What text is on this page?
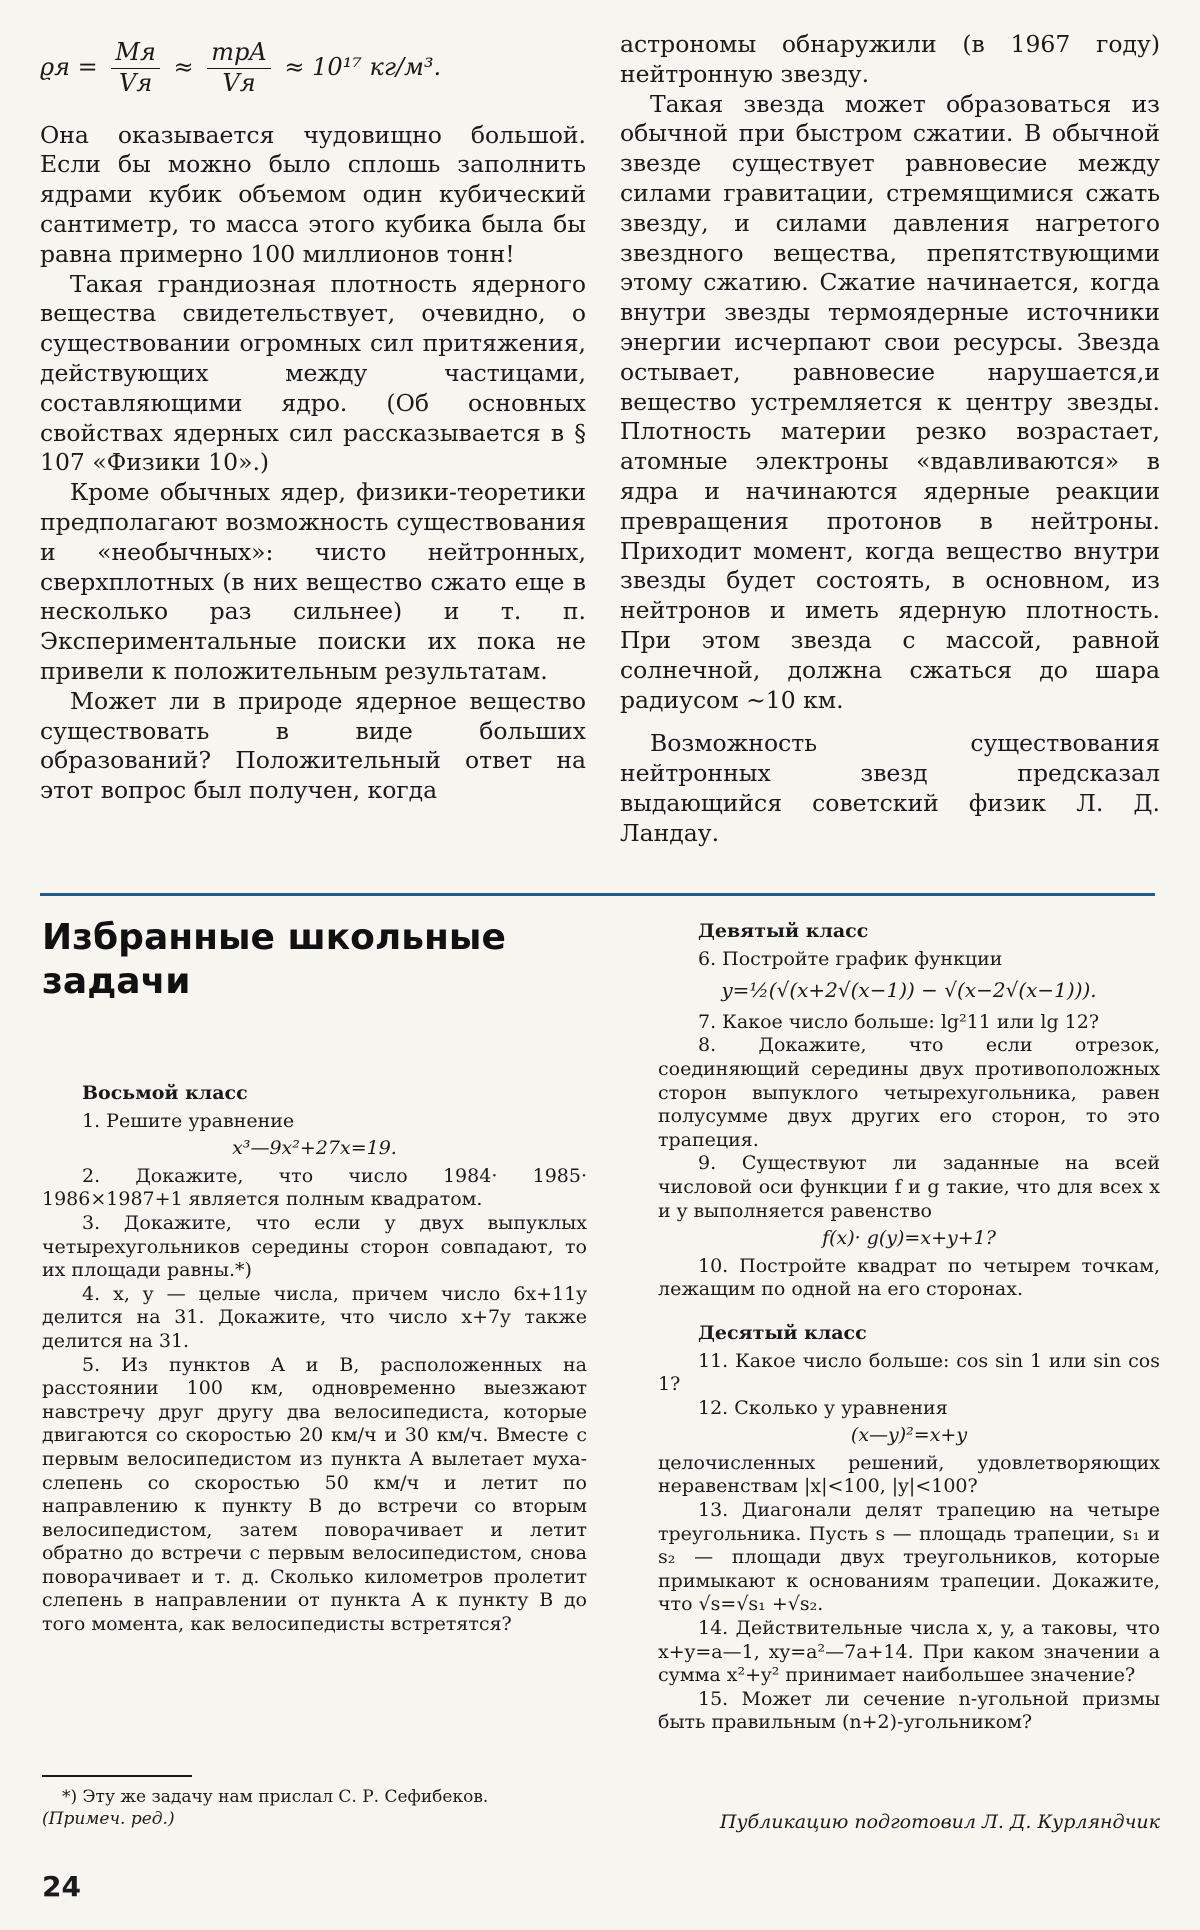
$ϱя = \frac{Mя}{Vя} \approx \frac{\text{mpA}}{Vя} \approx 10^{17}$ кг/м³.

Она оказывается чудовищно большой. Если бы можно было сплошь заполнить ядрами кубик объемом один кубический сантиметр, то масса этого кубика была бы равна примерно 100 миллионов тонн!

Такая грандиозная плотность ядерного вещества свидетельствует, очевидно, о существовании огромных сил притяжения, действующих между частицами, составляющими ядро. (Об основных свойствах ядерных сил рассказывается в § 107 «Физики 10».)

Кроме обычных ядер, физики-теоретики предполагают возможность существования и «необычных»: чисто нейтронных, сверхплотных (в них вещество сжато еще в несколько раз сильнее) и т. п. Экспериментальные поиски их пока не привели к положительным результатам.

Может ли в природе ядерное вещество существовать в виде больших образований? Положительный ответ на этот вопрос был получен, когда

астрономы обнаружили (в 1967 году) нейтронную звезду.

Такая звезда может образоваться из обычной при быстром сжатии. В обычной звезде существует равновесие между силами гравитации, стремящимися сжать звезду, и силами давления нагретого звездного вещества, препятствующими этому сжатию. Сжатие начинается, когда внутри звезды термоядерные источники энергии исчерпают свои ресурсы. Звезда остывает, равновесие нарушается,и вещество устремляется к центру звезды. Плотность материи резко возрастает, атомные электроны «вдавливаются» в ядра и начинаются ядерные реакции превращения протонов в нейтроны. Приходит момент, когда вещество внутри звезды будет состоять, в основном, из нейтронов и иметь ядерную плотность. При этом звезда с массой, равной солнечной, должна сжаться до шара радиусом ~10 км.

Возможность существования нейтронных звезд предсказал выдающийся советский физик Л. Д. Ландау.

Избранные школьные задачи

Восьмой класс

1. Решите уравнение

x³—9x²+27x=19.

2. Докажите, что число 1984· 1985· 1986×1987+1 является полным квадратом.

3. Докажите, что если у двух выпуклых четырехугольников середины сторон совпадают, то их площади равны.*)

4. x, y — целые числа, причем число 6x+11y делится на 31. Докажите, что число x+7y также делится на 31.

5. Из пунктов A и B, расположенных на расстоянии 100 км, одновременно выезжают навстречу друг другу два велосипедиста, которые двигаются со скоростью 20 км/ч и 30 км/ч. Вместе с первым велосипедистом из пункта A вылетает муха-слепень со скоростью 50 км/ч и летит по направлению к пункту B до встречи со вторым велосипедистом, затем поворачивает и летит обратно до встречи с первым велосипедистом, снова поворачивает и т. д. Сколько километров пролетит слепень в направлении от пункта A к пункту B до того момента, как велосипедисты встретятся?

*) Эту же задачу нам прислал С. Р. Сефибеков.
(Примеч. ред.)

Девятый класс

6. Постройте график функции

y=½(√(x+2√(x−1)) − √(x−2√(x−1))).

7. Какое число больше: lg²11 или lg 12?

8. Докажите, что если отрезок, соединяющий середины двух противоположных сторон выпуклого четырехугольника, равен полусумме двух других его сторон, то это трапеция.

9. Существуют ли заданные на всей числовой оси функции f и g такие, что для всех x и y выполняется равенство

f(x)· g(y)=x+y+1?

10. Постройте квадрат по четырем точкам, лежащим по одной на его сторонах.

Десятый класс

11. Какое число больше: cos sin 1 или sin cos 1?

12. Сколько у уравнения

(x—y)²=x+y

целочисленных решений, удовлетворяющих неравенствам |x|<100, |y|<100?

13. Диагонали делят трапецию на четыре треугольника. Пусть s — площадь трапеции, s₁ и s₂ — площади двух треугольников, которые примыкают к основаниям трапеции. Докажите, что √s=√s₁ +√s₂.

14. Действительные числа x, y, a таковы, что x+y=a—1, xy=a²—7a+14. При каком значении a сумма x²+y² принимает наибольшее значение?

15. Может ли сечение n-угольной призмы быть правильным (n+2)-угольником?

Публикацию подготовил Л. Д. Курляндчик
24
